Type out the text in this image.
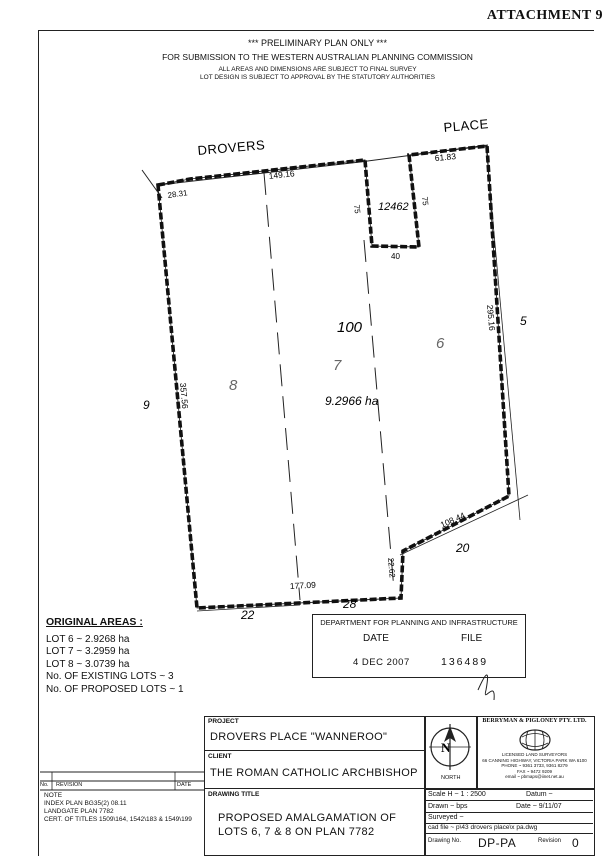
ATTACHMENT 9
*** PRELIMINARY PLAN ONLY ***
FOR SUBMISSION TO THE WESTERN AUSTRALIAN PLANNING COMMISSION
ALL AREAS AND DIMENSIONS ARE SUBJECT TO FINAL SURVEY
LOT DESIGN IS SUBJECT TO APPROVAL BY THE STATUTORY AUTHORITIES
DROVERS
PLACE
28.31
149.16
75
75
61.83
40
295.16
357.56
108.44
22.62
177.09
12462
100
9.2966 ha
8
7
6
9
5
20
22
28
ORIGINAL AREAS :
LOT 6 ~ 2.9268 ha
LOT 7 ~ 3.2959 ha
LOT 8 ~ 3.0739 ha
No. OF EXISTING LOTS ~ 3
No. OF PROPOSED LOTS ~ 1
DEPARTMENT FOR PLANNING AND INFRASTRUCTURE
DATE	FILE
4 DEC 2007	136489
PROJECT
DROVERS PLACE "WANNEROO"
CLIENT
THE ROMAN CATHOLIC ARCHBISHOP
DRAWING TITLE
PROPOSED AMALGAMATION OF
LOTS 6, 7 & 8 ON PLAN 7782
N
NORTH
BERRYMAN & PIGLONEY PTY. LTD.
LICENSED LAND SURVEYORS
66 CANNING HIGHWAY, VICTORIA PARK WA 6100
PHONE ~ 9361 3733, 9361 8279
FAX ~ 9472 9209
email ~ pbmaps@iinet.net.au
Scale H ~ 1 : 2500	Datum ~
Drawn ~ bps	Date ~ 9/11/07
Surveyed ~
cad file ~ p\43 drovers place\x pa.dwg
Drawing No. DP-PA	Revision 0
No. REVISION	DATE
NOTE
INDEX PLAN BG35(2) 08.11
LANDGATE PLAN 7782
CERT. OF TITLES 1509\164, 1542\183 & 1549\199
